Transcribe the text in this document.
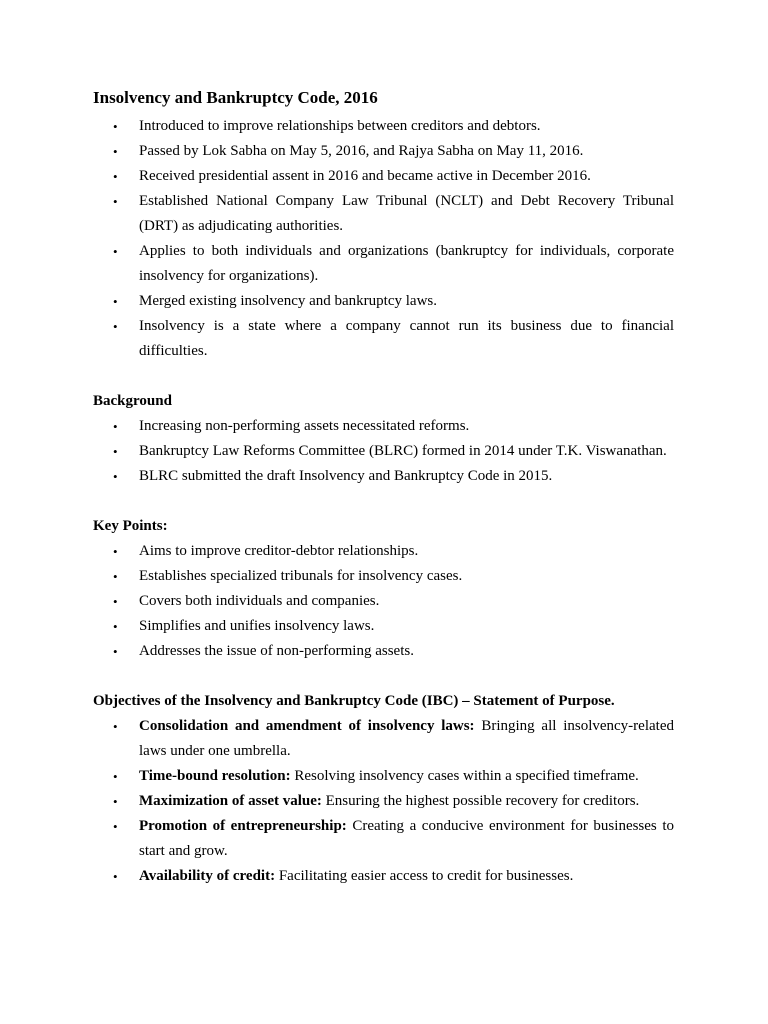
Insolvency and Bankruptcy Code, 2016
• Introduced to improve relationships between creditors and debtors.
• Passed by Lok Sabha on May 5, 2016, and Rajya Sabha on May 11, 2016.
• Received presidential assent in 2016 and became active in December 2016.
• Established National Company Law Tribunal (NCLT) and Debt Recovery Tribunal (DRT) as adjudicating authorities.
• Applies to both individuals and organizations (bankruptcy for individuals, corporate insolvency for organizations).
• Merged existing insolvency and bankruptcy laws.
• Insolvency is a state where a company cannot run its business due to financial difficulties.
Background
• Increasing non-performing assets necessitated reforms.
• Bankruptcy Law Reforms Committee (BLRC) formed in 2014 under T.K. Viswanathan.
• BLRC submitted the draft Insolvency and Bankruptcy Code in 2015.
Key Points:
• Aims to improve creditor-debtor relationships.
• Establishes specialized tribunals for insolvency cases.
• Covers both individuals and companies.
• Simplifies and unifies insolvency laws.
• Addresses the issue of non-performing assets.
Objectives of the Insolvency and Bankruptcy Code (IBC) – Statement of Purpose.
• Consolidation and amendment of insolvency laws: Bringing all insolvency-related laws under one umbrella.
• Time-bound resolution: Resolving insolvency cases within a specified timeframe.
• Maximization of asset value: Ensuring the highest possible recovery for creditors.
• Promotion of entrepreneurship: Creating a conducive environment for businesses to start and grow.
• Availability of credit: Facilitating easier access to credit for businesses.
